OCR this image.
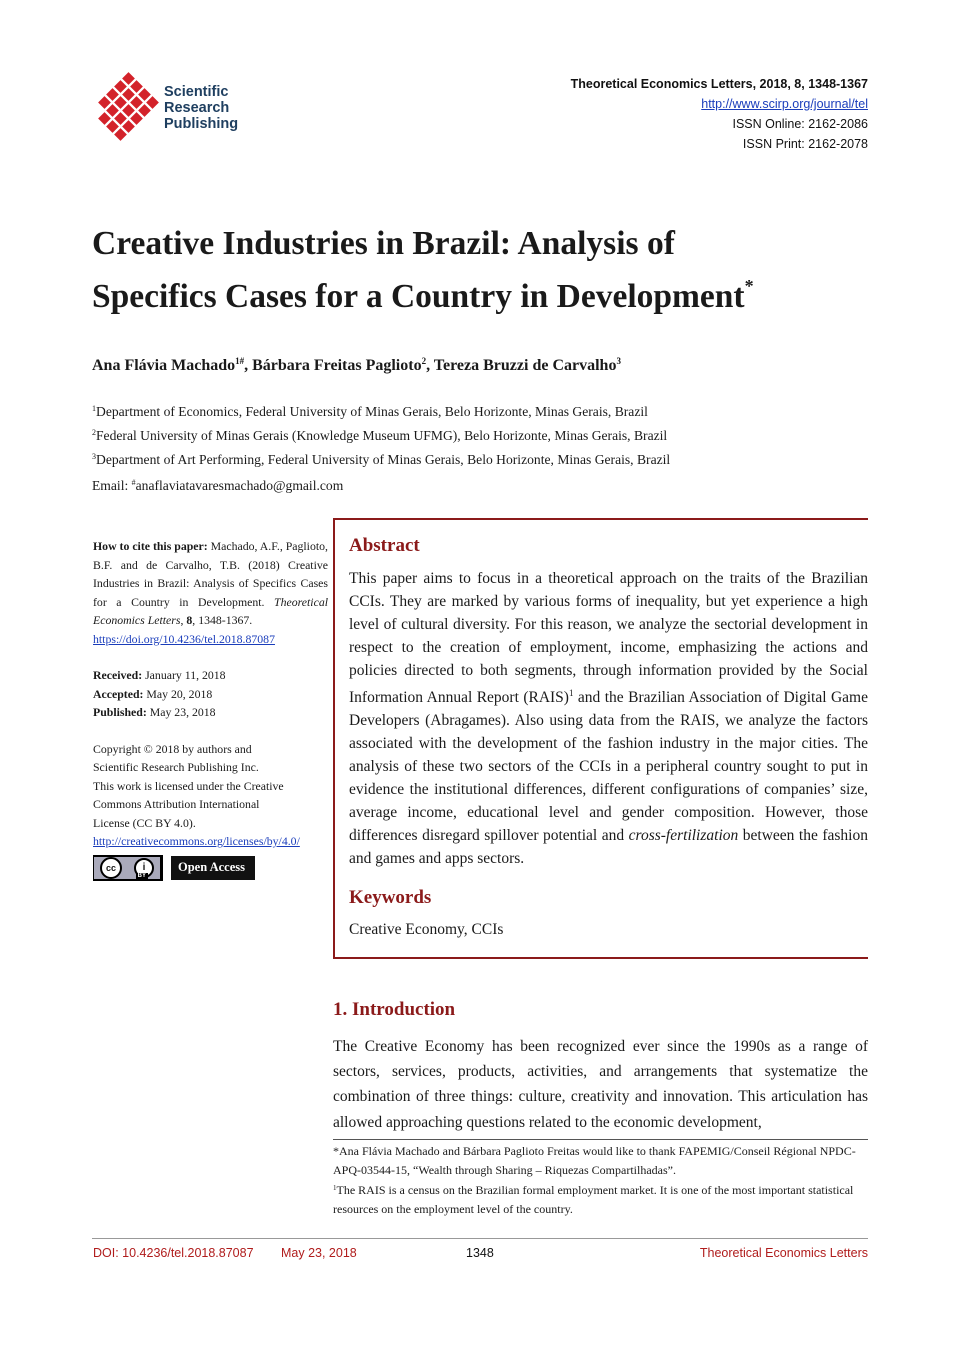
Scientific
Research
Publishing
Theoretical Economics Letters, 2018, 8, 1348-1367
http://www.scirp.org/journal/tel
ISSN Online: 2162-2086
ISSN Print: 2162-2078
Creative Industries in Brazil: Analysis of
Specifics Cases for a Country in Development*
Ana Flávia Machado$^{1\#}$, Bárbara Freitas Paglioto$^2$, Tereza Bruzzi de Carvalho$^3$
$^1$Department of Economics, Federal University of Minas Gerais, Belo Horizonte, Minas Gerais, Brazil
$^2$Federal University of Minas Gerais (Knowledge Museum UFMG), Belo Horizonte, Minas Gerais, Brazil
$^3$Department of Art Performing, Federal University of Minas Gerais, Belo Horizonte, Minas Gerais, Brazil
Email: #anaflaviatavaresmachado@gmail.com

How to cite this paper: Machado, A.F., Paglioto, B.F. and de Carvalho, T.B. (2018) Creative Industries in Brazil: Analysis of Specifics Cases for a Country in Development. Theoretical Economics Letters, 8, 1348-1367.
https://doi.org/10.4236/tel.2018.87087

Received: January 11, 2018

Accepted: May 20, 2018

Published: May 23, 2018

Copyright © 2018 by authors and

Scientific Research Publishing Inc.

This work is licensed under the Creative

Commons Attribution International

License (CC BY 4.0).

http://creativecommons.org/licenses/by/4.0/

cc	i
BY
Open Access
Abstract
This paper aims to focus in a theoretical approach on the traits of the Brazilian CCIs. They are marked by various forms of inequality, but yet experience a high level of cultural diversity. For this reason, we analyze the sectorial development in respect to the creation of employment, income, emphasizing the actions and policies directed to both segments, through information provided by the Social Information Annual Report (RAIS)$^1$ and the Brazilian Association of Digital Game Developers (Abragames). Also using data from the RAIS, we analyze the factors associated with the development of the fashion industry in the major cities. The analysis of these two sectors of the CCIs in a peripheral country sought to put in evidence the institutional differences, different configurations of companies’ size, average income, educational level and gender composition. However, those differences disregard spillover potential and cross-fertilization between the fashion and games and apps sectors.
Keywords
Creative Economy, CCIs
1. Introduction
The Creative Economy has been recognized ever since the 1990s as a range of sectors, services, products, activities, and arrangements that systematize the combination of three things: culture, creativity and innovation. This articulation has allowed approaching questions related to the economic development,
*Ana Flávia Machado and Bárbara Paglioto Freitas would like to thank FAPEMIG/Conseil Régional NPDC-APQ-03544-15, “Wealth through Sharing – Riquezas Compartilhadas”.
$^1$The RAIS is a census on the Brazilian formal employment market. It is one of the most important statistical resources on the employment level of the country.
DOI: 10.4236/tel.2018.87087 May 23, 2018	1348	Theoretical Economics Letters
